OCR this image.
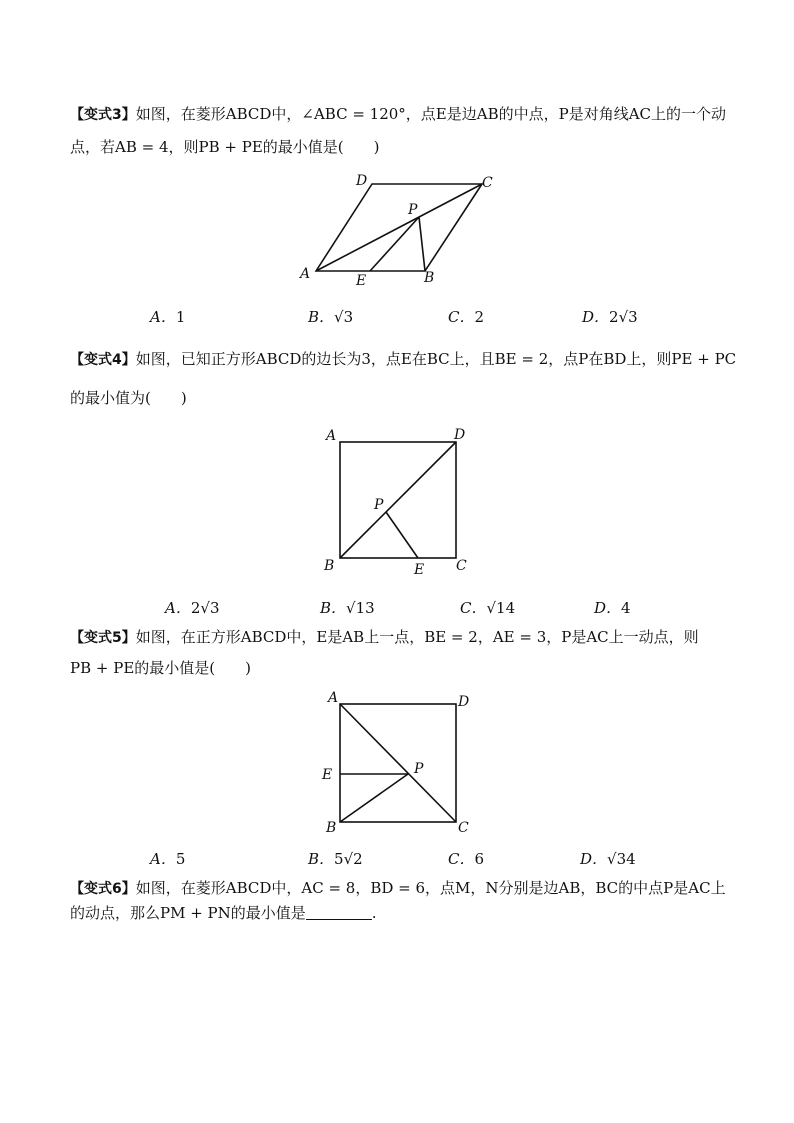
【变式3】如图，在菱形ABCD中，∠ABC = 120°，点E是边AB的中点，P是对角线AC上的一个动
点，若AB = 4，则PB + PE的最小值是(　　)
D	C
P
A	E	B
A．1	B．√3	C．2	D．2√3
【变式4】如图，已知正方形ABCD的边长为3，点E在BC上，且BE = 2，点P在BD上，则PE + PC
的最小值为(　　)
A	D
P
B	E C
A．2√3	B．√13	C．√14	D．4
【变式5】如图，在正方形ABCD中，E是AB上一点，BE = 2，AE = 3，P是AC上一动点，则
PB + PE的最小值是(　　)
A	D
E	P
B	C
A．5	B．5√2	C．6	D．√34
【变式6】如图，在菱形ABCD中，AC = 8，BD = 6，点M，N分别是边AB，BC的中点P是AC上
的动点，那么PM + PN的最小值是	.
